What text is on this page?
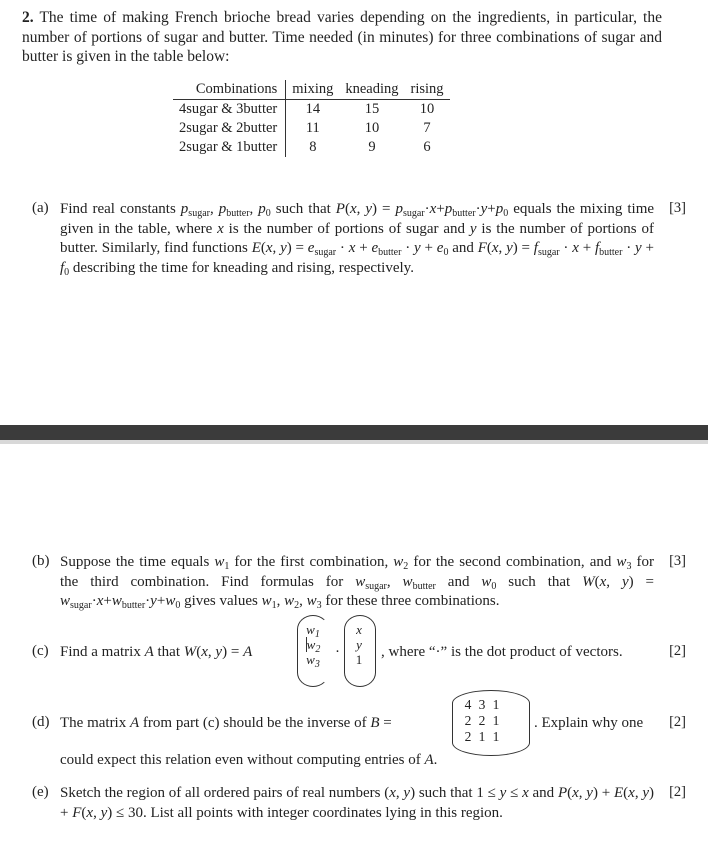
2. The time of making French brioche bread varies depending on the ingredients, in particular, the number of portions of sugar and butter. Time needed (in minutes) for three combinations of sugar and butter is given in the table below:
Combinations	mixing	kneading	rising
4sugar & 3butter	14	15	10
2sugar & 2butter	11	10	7
2sugar & 1butter	8	9	6
(a)	[3]
Find real constants $p_{sugar}$, $p_{butter}$, $p_0$ such that P(x, $y) = p_{sugar}\cdot x+p_{butter}\cdot y+p_0$ equals the mixing time given in the table, where x is the number of portions of sugar and y is the number of portions of butter. Similarly, find functions E(x, $y) = e_{sugar} \cdot x + e_{butter} \cdot y + e_0$ and F(x, $y) = f_{sugar} \cdot x + f_{butter} \cdot y + f_0$ describing the time for kneading and rising, respectively.
(b)	[3]
Suppose the time equals $w_1$ for the first combination, $w_2$ for the second combination, and $w_3$ for the third combination. Find formulas for $w_{sugar}$, $w_{butter}$ and $w_0$ such that W(x, $y) = w_{sugar}\cdot x+w_{butter}\cdot y+w_0$ gives values $w_1$, $w_2$, $w_3$ for these three combinations.
(c)	[2]
Find a matrix A that W(x, y) = A
$w_1$
$w_2$
$w_3$
·
x
y
1 , where “·” is the dot product of vectors.
(d)	[2]
The matrix A from part (c) should be the inverse of B =
4 3 1
2 2 1
2 1 1
. Explain why one
could expect this relation even without computing entries of A.
(e)	[2]
Sketch the region of all ordered pairs of real numbers (x, y) such that 1 ≤ y ≤ x and P(x, y) + E(x, y) + F(x, y) ≤ 30. List all points with integer coordinates lying in this region.
